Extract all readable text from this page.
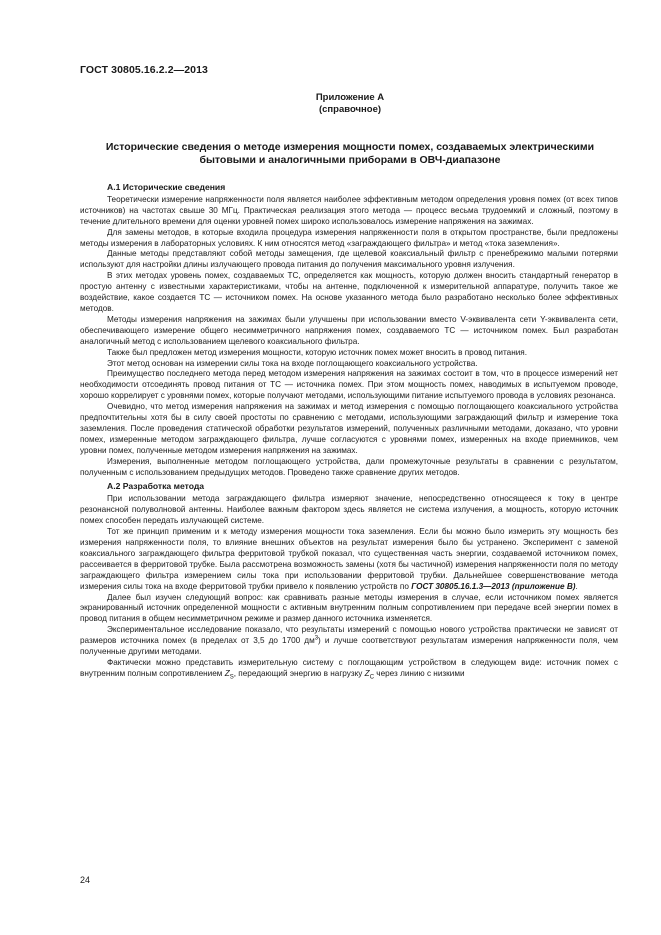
ГОСТ 30805.16.2.2—2013
Приложение А
(справочное)
Исторические сведения о методе измерения мощности помех, создаваемых электрическими
бытовыми и аналогичными приборами в ОВЧ-диапазоне
А.1 Исторические сведения

Теоретически измерение напряженности поля является наиболее эффективным методом определения уровня помех (от всех типов источников) на частотах свыше 30 МГц. Практическая реализация этого метода — процесс весьма трудоемкий и сложный, поэтому в течение длительного времени для оценки уровней помех широко использовалось измерение напряжения на зажимах.

Для замены методов, в которые входила процедура измерения напряженности поля в открытом пространстве, были предложены методы измерения в лабораторных условиях. К ним относятся метод «заграждающего фильтра» и метод «тока заземления».

Данные методы представляют собой методы замещения, где щелевой коаксиальный фильтр с пренебрежимо малыми потерями используют для настройки длины излучающего провода питания до получения максимального уровня излучения.

В этих методах уровень помех, создаваемых ТС, определяется как мощность, которую должен вносить стандартный генератор в простую антенну с известными характеристиками, чтобы на антенне, подключенной к измерительной аппаратуре, получить такое же воздействие, какое создается ТС — источником помех. На основе указанного метода было разработано несколько более эффективных методов.

Методы измерения напряжения на зажимах были улучшены при использовании вместо V-эквивалента сети Y-эквивалента сети, обеспечивающего измерение общего несимметричного напряжения помех, создаваемого ТС — источником помех. Был разработан аналогичный метод с использованием щелевого коаксиального фильтра.

Также был предложен метод измерения мощности, которую источник помех может вносить в провод питания.

Этот метод основан на измерении силы тока на входе поглощающего коаксиального устройства.

Преимущество последнего метода перед методом измерения напряжения на зажимах состоит в том, что в процессе измерений нет необходимости отсоединять провод питания от ТС — источника помех. При этом мощность помех, наводимых в испытуемом проводе, хорошо коррелирует с уровнями помех, которые получают методами, использующими питание испытуемого провода в условиях резонанса.

Очевидно, что метод измерения напряжения на зажимах и метод измерения с помощью поглощающего коаксиального устройства предпочтительны хотя бы в силу своей простоты по сравнению с методами, использующими заграждающий фильтр и измерение тока заземления. После проведения статической обработки результатов измерений, полученных различными методами, доказано, что уровни помех, измеренные методом заграждающего фильтра, лучше согласуются с уровнями помех, измеренных на входе приемников, чем уровни помех, полученные методом измерения напряжения на зажимах.

Измерения, выполненные методом поглощающего устройства, дали промежуточные результаты в сравнении с результатом, полученным с использованием предыдущих методов. Проведено также сравнение других методов.

А.2 Разработка метода

При использовании метода заграждающего фильтра измеряют значение, непосредственно относящееся к току в центре резонансной полуволновой антенны. Наиболее важным фактором здесь является не система излучения, а мощность, которую источник помех способен передать излучающей системе.

Тот же принцип применим и к методу измерения мощности тока заземления. Если бы можно было измерить эту мощность без измерения напряженности поля, то влияние внешних объектов на результат измерения было бы устранено. Эксперимент с заменой коаксиального заграждающего фильтра ферритовой трубкой показал, что существенная часть энергии, создаваемой источником помех, рассеивается в ферритовой трубке. Была рассмотрена возможность замены (хотя бы частичной) измерения напряженности поля по методу заграждающего фильтра измерением силы тока при использовании ферритовой трубки. Дальнейшее совершенствование метода измерения силы тока на входе ферритовой трубки привело к появлению устройств по ГОСТ 30805.16.1.3—2013 (приложение В).

Далее был изучен следующий вопрос: как сравнивать разные методы измерения в случае, если источником помех является экранированный источник определенной мощности с активным внутренним полным сопротивлением при передаче всей энергии помех в провод питания в общем несимметричном режиме и размер данного источника изменяется.

Экспериментальное исследование показало, что результаты измерений с помощью нового устройства практически не зависят от размеров источника помех (в пределах от 3,5 до 1700 $дм^3$) и лучше соответствуют результатам измерения напряженности поля, чем полученные другими методами.

Фактически можно представить измерительную систему с поглощающим устройством в следующем виде: источник помех с внутренним полным сопротивлением $Z_S$, передающий энергию в нагрузку $Z_C$ через линию с низкими

24
